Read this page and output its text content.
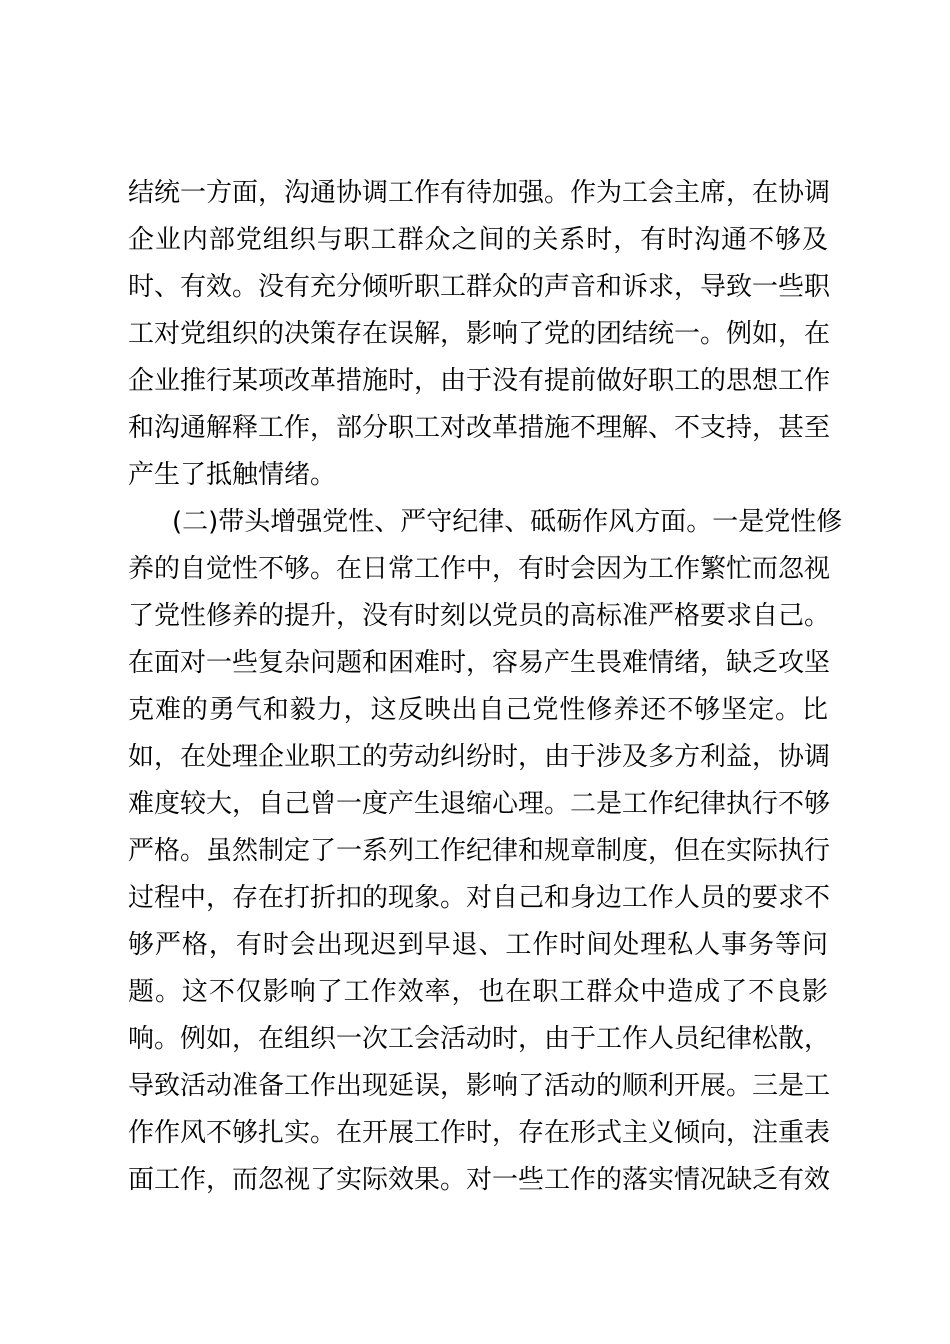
结统一方面，沟通协调工作有待加强。作为工会主席，在协调
企业内部党组织与职工群众之间的关系时，有时沟通不够及
时、有效。没有充分倾听职工群众的声音和诉求，导致一些职
工对党组织的决策存在误解，影响了党的团结统一。例如，在
企业推行某项改革措施时，由于没有提前做好职工的思想工作
和沟通解释工作，部分职工对改革措施不理解、不支持，甚至
产生了抵触情绪。
(二)带头增强党性、严守纪律、砥砺作风方面。一是党性修
养的自觉性不够。在日常工作中，有时会因为工作繁忙而忽视
了党性修养的提升，没有时刻以党员的高标准严格要求自己。
在面对一些复杂问题和困难时，容易产生畏难情绪，缺乏攻坚
克难的勇气和毅力，这反映出自己党性修养还不够坚定。比
如，在处理企业职工的劳动纠纷时，由于涉及多方利益，协调
难度较大，自己曾一度产生退缩心理。二是工作纪律执行不够
严格。虽然制定了一系列工作纪律和规章制度，但在实际执行
过程中，存在打折扣的现象。对自己和身边工作人员的要求不
够严格，有时会出现迟到早退、工作时间处理私人事务等问
题。这不仅影响了工作效率，也在职工群众中造成了不良影
响。例如，在组织一次工会活动时，由于工作人员纪律松散，
导致活动准备工作出现延误，影响了活动的顺利开展。三是工
作作风不够扎实。在开展工作时，存在形式主义倾向，注重表
面工作，而忽视了实际效果。对一些工作的落实情况缺乏有效
